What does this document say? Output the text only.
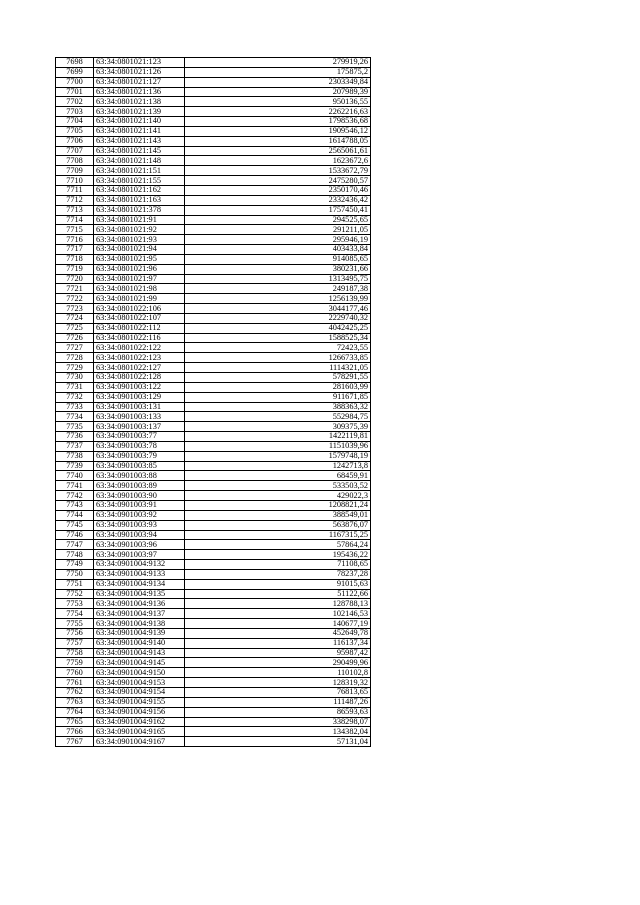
7698	63:34:0801021:123	279919,26
7699	63:34:0801021:126	175875,2
7700	63:34:0801021:127	2303349,84
7701	63:34:0801021:136	207989,39
7702	63:34:0801021:138	950136,55
7703	63:34:0801021:139	2262216,63
7704	63:34:0801021:140	1798536,68
7705	63:34:0801021:141	1909546,12
7706	63:34:0801021:143	1614788,05
7707	63:34:0801021:145	2565061,61
7708	63:34:0801021:148	1623672,6
7709	63:34:0801021:151	1533672,79
7710	63:34:0801021:155	2475280,57
7711	63:34:0801021:162	2350170,46
7712	63:34:0801021:163	2332436,42
7713	63:34:0801021:378	1757450,41
7714	63:34:0801021:91	294525,65
7715	63:34:0801021:92	291211,05
7716	63:34:0801021:93	295946,19
7717	63:34:0801021:94	403433,84
7718	63:34:0801021:95	914085,65
7719	63:34:0801021:96	380231,66
7720	63:34:0801021:97	1313495,75
7721	63:34:0801021:98	249187,38
7722	63:34:0801021:99	1256139,99
7723	63:34:0801022:106	3044177,46
7724	63:34:0801022:107	2229740,32
7725	63:34:0801022:112	4042425,25
7726	63:34:0801022:116	1588525,34
7727	63:34:0801022:122	72423,55
7728	63:34:0801022:123	1266733,85
7729	63:34:0801022:127	1114321,05
7730	63:34:0801022:128	578291,55
7731	63:34:0901003:122	281603,99
7732	63:34:0901003:129	911671,85
7733	63:34:0901003:131	388363,32
7734	63:34:0901003:133	552984,75
7735	63:34:0901003:137	309375,39
7736	63:34:0901003:77	1422119,81
7737	63:34:0901003:78	1151039,96
7738	63:34:0901003:79	1579748,19
7739	63:34:0901003:85	1242713,8
7740	63:34:0901003:88	68459,91
7741	63:34:0901003:89	533503,52
7742	63:34:0901003:90	429022,3
7743	63:34:0901003:91	1208821,24
7744	63:34:0901003:92	388549,01
7745	63:34:0901003:93	563876,07
7746	63:34:0901003:94	1167315,25
7747	63:34:0901003:96	57864,24
7748	63:34:0901003:97	195436,22
7749	63:34:0901004:9132	71108,65
7750	63:34:0901004:9133	78237,28
7751	63:34:0901004:9134	91015,63
7752	63:34:0901004:9135	51122,66
7753	63:34:0901004:9136	128788,13
7754	63:34:0901004:9137	102146,53
7755	63:34:0901004:9138	140677,19
7756	63:34:0901004:9139	452649,78
7757	63:34:0901004:9140	116137,34
7758	63:34:0901004:9143	95987,42
7759	63:34:0901004:9145	290499,96
7760	63:34:0901004:9150	110102,8
7761	63:34:0901004:9153	128319,32
7762	63:34:0901004:9154	76813,65
7763	63:34:0901004:9155	111487,26
7764	63:34:0901004:9156	86593,63
7765	63:34:0901004:9162	338298,07
7766	63:34:0901004:9165	134382,04
7767	63:34:0901004:9167	57131,04
